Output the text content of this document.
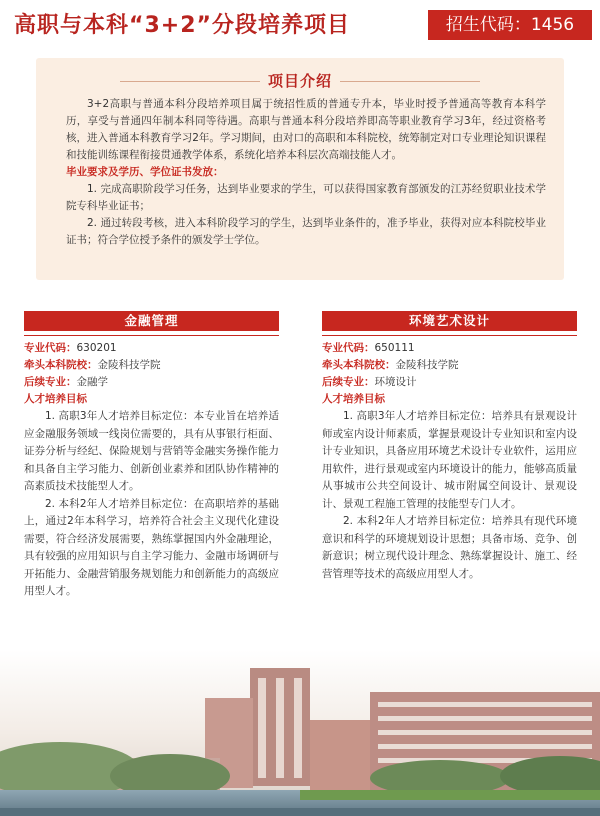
高职与本科“3+2”分段培养项目	招生代码：1456
项目介绍

3+2高职与普通本科分段培养项目属于统招性质的普通专升本，毕业时授予普通高等教育本科学历，享受与普通四年制本科同等待遇。高职与普通本科分段培养即高等职业教育学习3年，经过资格考核，进入普通本科教育学习2年。学习期间，由对口的高职和本科院校，统筹制定对口专业理论知识课程和技能训练课程衔接贯通教学体系，系统化培养本科层次高端技能人才。

毕业要求及学历、学位证书发放：

1. 完成高职阶段学习任务，达到毕业要求的学生，可以获得国家教育部颁发的江苏经贸职业技术学院专科毕业证书；

2. 通过转段考核，进入本科阶段学习的学生，达到毕业条件的，准予毕业，获得对应本科院校毕业证书；符合学位授予条件的颁发学士学位。

金融管理
专业代码：630201
牵头本科院校：金陵科技学院
后续专业：金融学
人才培养目标

1. 高职3年人才培养目标定位：本专业旨在培养适应金融服务领域一线岗位需要的，具有从事银行柜面、证券分析与经纪、保险规划与营销等金融实务操作能力和具备自主学习能力、创新创业素养和团队协作精神的高素质技术技能型人才。

2. 本科2年人才培养目标定位：在高职培养的基础上，通过2年本科学习，培养符合社会主义现代化建设需要，符合经济发展需要，熟练掌握国内外金融理论，具有较强的应用知识与自主学习能力、金融市场调研与开拓能力、金融营销服务规划能力和创新能力的高级应用型人才。

环境艺术设计
专业代码：650111
牵头本科院校：金陵科技学院
后续专业：环境设计
人才培养目标

1. 高职3年人才培养目标定位：培养具有景观设计师或室内设计师素质，掌握景观设计专业知识和室内设计专业知识，具备应用环境艺术设计专业软件，运用应用软件，进行景观或室内环境设计的能力，能够高质量从事城市公共空间设计、城市附属空间设计、景观设计、景观工程施工管理的技能型专门人才。

2. 本科2年人才培养目标定位：培养具有现代环境意识和科学的环境规划设计思想；具备市场、竞争、创新意识；树立现代设计理念、熟练掌握设计、施工、经营管理等技术的高级应用型人才。
